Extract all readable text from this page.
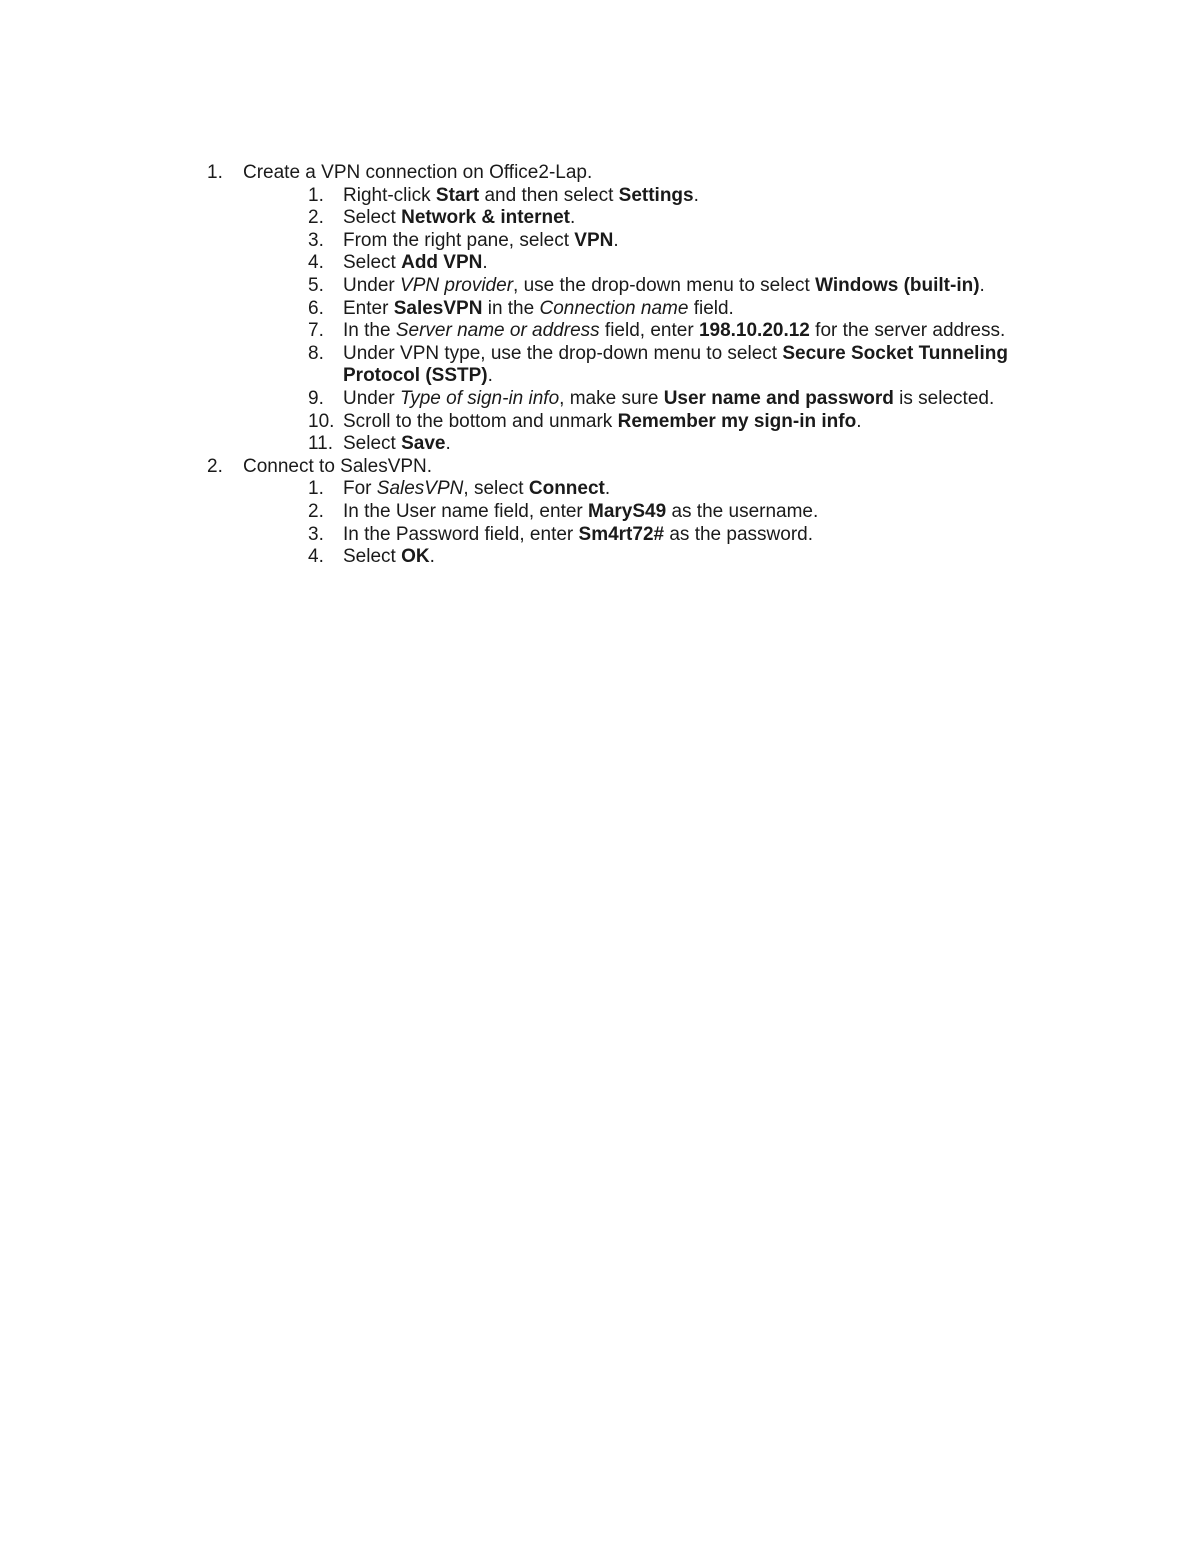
1. Create a VPN connection on Office2-Lap.
1. Right-click Start and then select Settings.
2. Select Network & internet.
3. From the right pane, select VPN.
4. Select Add VPN.
5. Under VPN provider, use the drop-down menu to select Windows (built-in).
6. Enter SalesVPN in the Connection name field.
7. In the Server name or address field, enter 198.10.20.12 for the server address.
8. Under VPN type, use the drop-down menu to select Secure Socket Tunneling Protocol (SSTP).
9. Under Type of sign-in info, make sure User name and password is selected.
10. Scroll to the bottom and unmark Remember my sign-in info.
11. Select Save.
2. Connect to SalesVPN.
1. For SalesVPN, select Connect.
2. In the User name field, enter MaryS49 as the username.
3. In the Password field, enter Sm4rt72# as the password.
4. Select OK.
